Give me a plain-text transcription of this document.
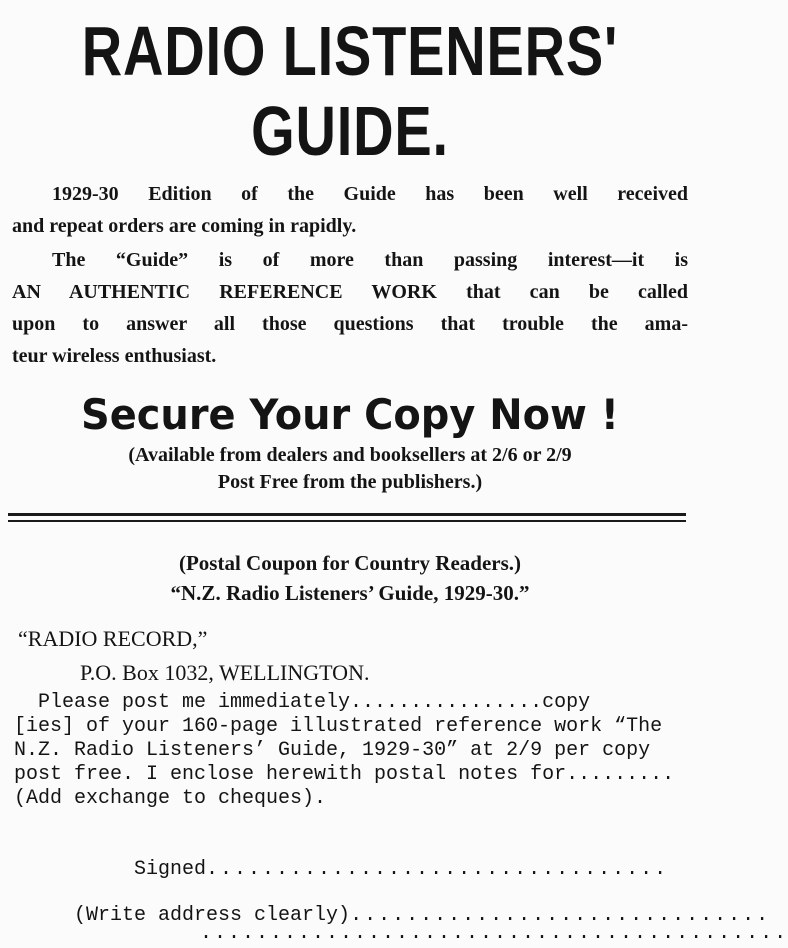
RADIO LISTENERS'
GUIDE.
1929-30 Edition of the Guide has been well received
and repeat orders are coming in rapidly.
The “Guide” is of more than passing interest—it is
AN AUTHENTIC REFERENCE WORK that can be called
upon to answer all those questions that trouble the ama-
teur wireless enthusiast.
Secure Your Copy Now !
(Available from dealers and booksellers at 2/6 or 2/9
Post Free from the publishers.)
(Postal Coupon for Country Readers.)
“N.Z. Radio Listeners’ Guide, 1929-30.”
“RADIO RECORD,”
P.O. Box 1032, WELLINGTON.
Please post me immediately................copy
[ies] of your 160-page illustrated reference work “The
N.Z. Radio Listeners’ Guide, 1929-30” at 2/9 per copy
post free. I enclose herewith postal notes for.........
(Add exchange to cheques).

Signed.................................

(Write address clearly)..............................

..........................................
